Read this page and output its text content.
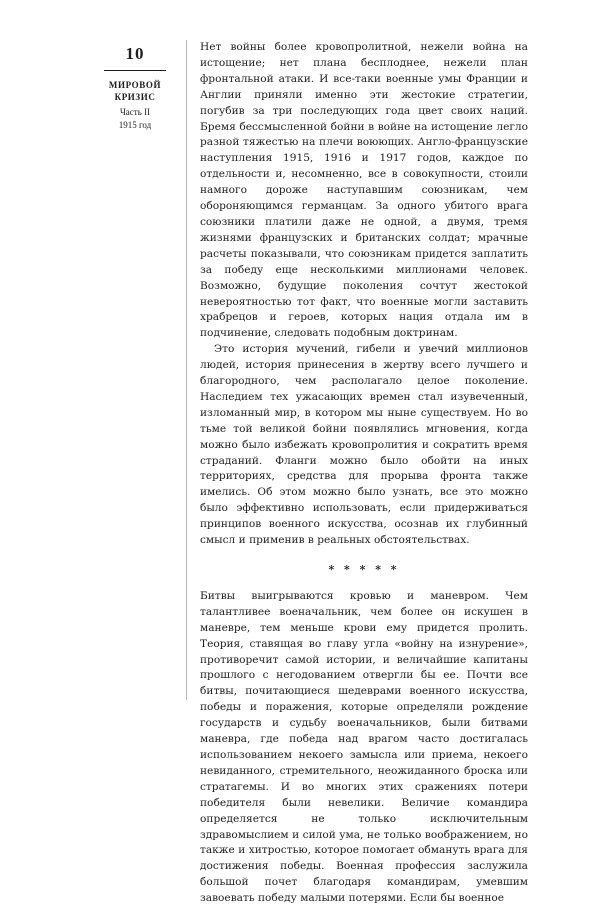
10
МИРОВОЙ
КРИЗИС
Часть II
1915 год

Нет войны более кровопролитной, нежели война на истощение; нет плана бесплоднее, нежели план фронтальной атаки. И все-таки военные умы Франции и Англии приняли именно эти жестокие стратегии, погубив за три последующих года цвет своих наций. Бремя бессмысленной бойни в войне на истощение легло разной тяжестью на плечи воюющих. Англо-французские наступления 1915, 1916 и 1917 годов, каждое по отдельности и, несомненно, все в совокупности, стоили намного дороже наступавшим союзникам, чем обороняющимся германцам. За одного убитого врага союзники платили даже не одной, а двумя, тремя жизнями французских и британских солдат; мрачные расчеты показывали, что союзникам придется заплатить за победу еще несколькими миллионами человек. Возможно, будущие поколения сочтут жестокой невероятностью тот факт, что военные могли заставить храбрецов и героев, которых нация отдала им в подчинение, следовать подобным доктринам.

Это история мучений, гибели и увечий миллионов людей, история принесения в жертву всего лучшего и благородного, чем располагало целое поколение. Наследием тех ужасающих времен стал изувеченный, изломанный мир, в котором мы ныне существуем. Но во тьме той великой бойни появлялись мгновения, когда можно было избежать кровопролития и сократить время страданий. Фланги можно было обойти на иных территориях, средства для прорыва фронта также имелись. Об этом можно было узнать, все это можно было эффективно использовать, если придерживаться принципов военного искусства, осознав их глубинный смысл и применив в реальных обстоятельствах.

* * * * *

Битвы выигрываются кровью и маневром. Чем талантливее военачальник, чем более он искушен в маневре, тем меньше крови ему придется пролить. Теория, ставящая во главу угла «войну на изнурение», противоречит самой истории, и величайшие капитаны прошлого с негодованием отвергли бы ее. Почти все битвы, почитающиеся шедеврами военного искусства, победы и поражения, которые определяли рождение государств и судьбу военачальников, были битвами маневра, где победа над врагом часто достигалась использованием некоего замысла или приема, некоего невиданного, стремительного, неожиданного броска или стратагемы. И во многих этих сражениях потери победителя были невелики. Величие командира определяется не только исключительным здравомыслием и силой ума, не только воображением, но также и хитростью, которое помогает обмануть врага для достижения победы. Военная профессия заслужила большой почет благодаря командирам, умевшим завоевать победу малыми потерями. Если бы военное
